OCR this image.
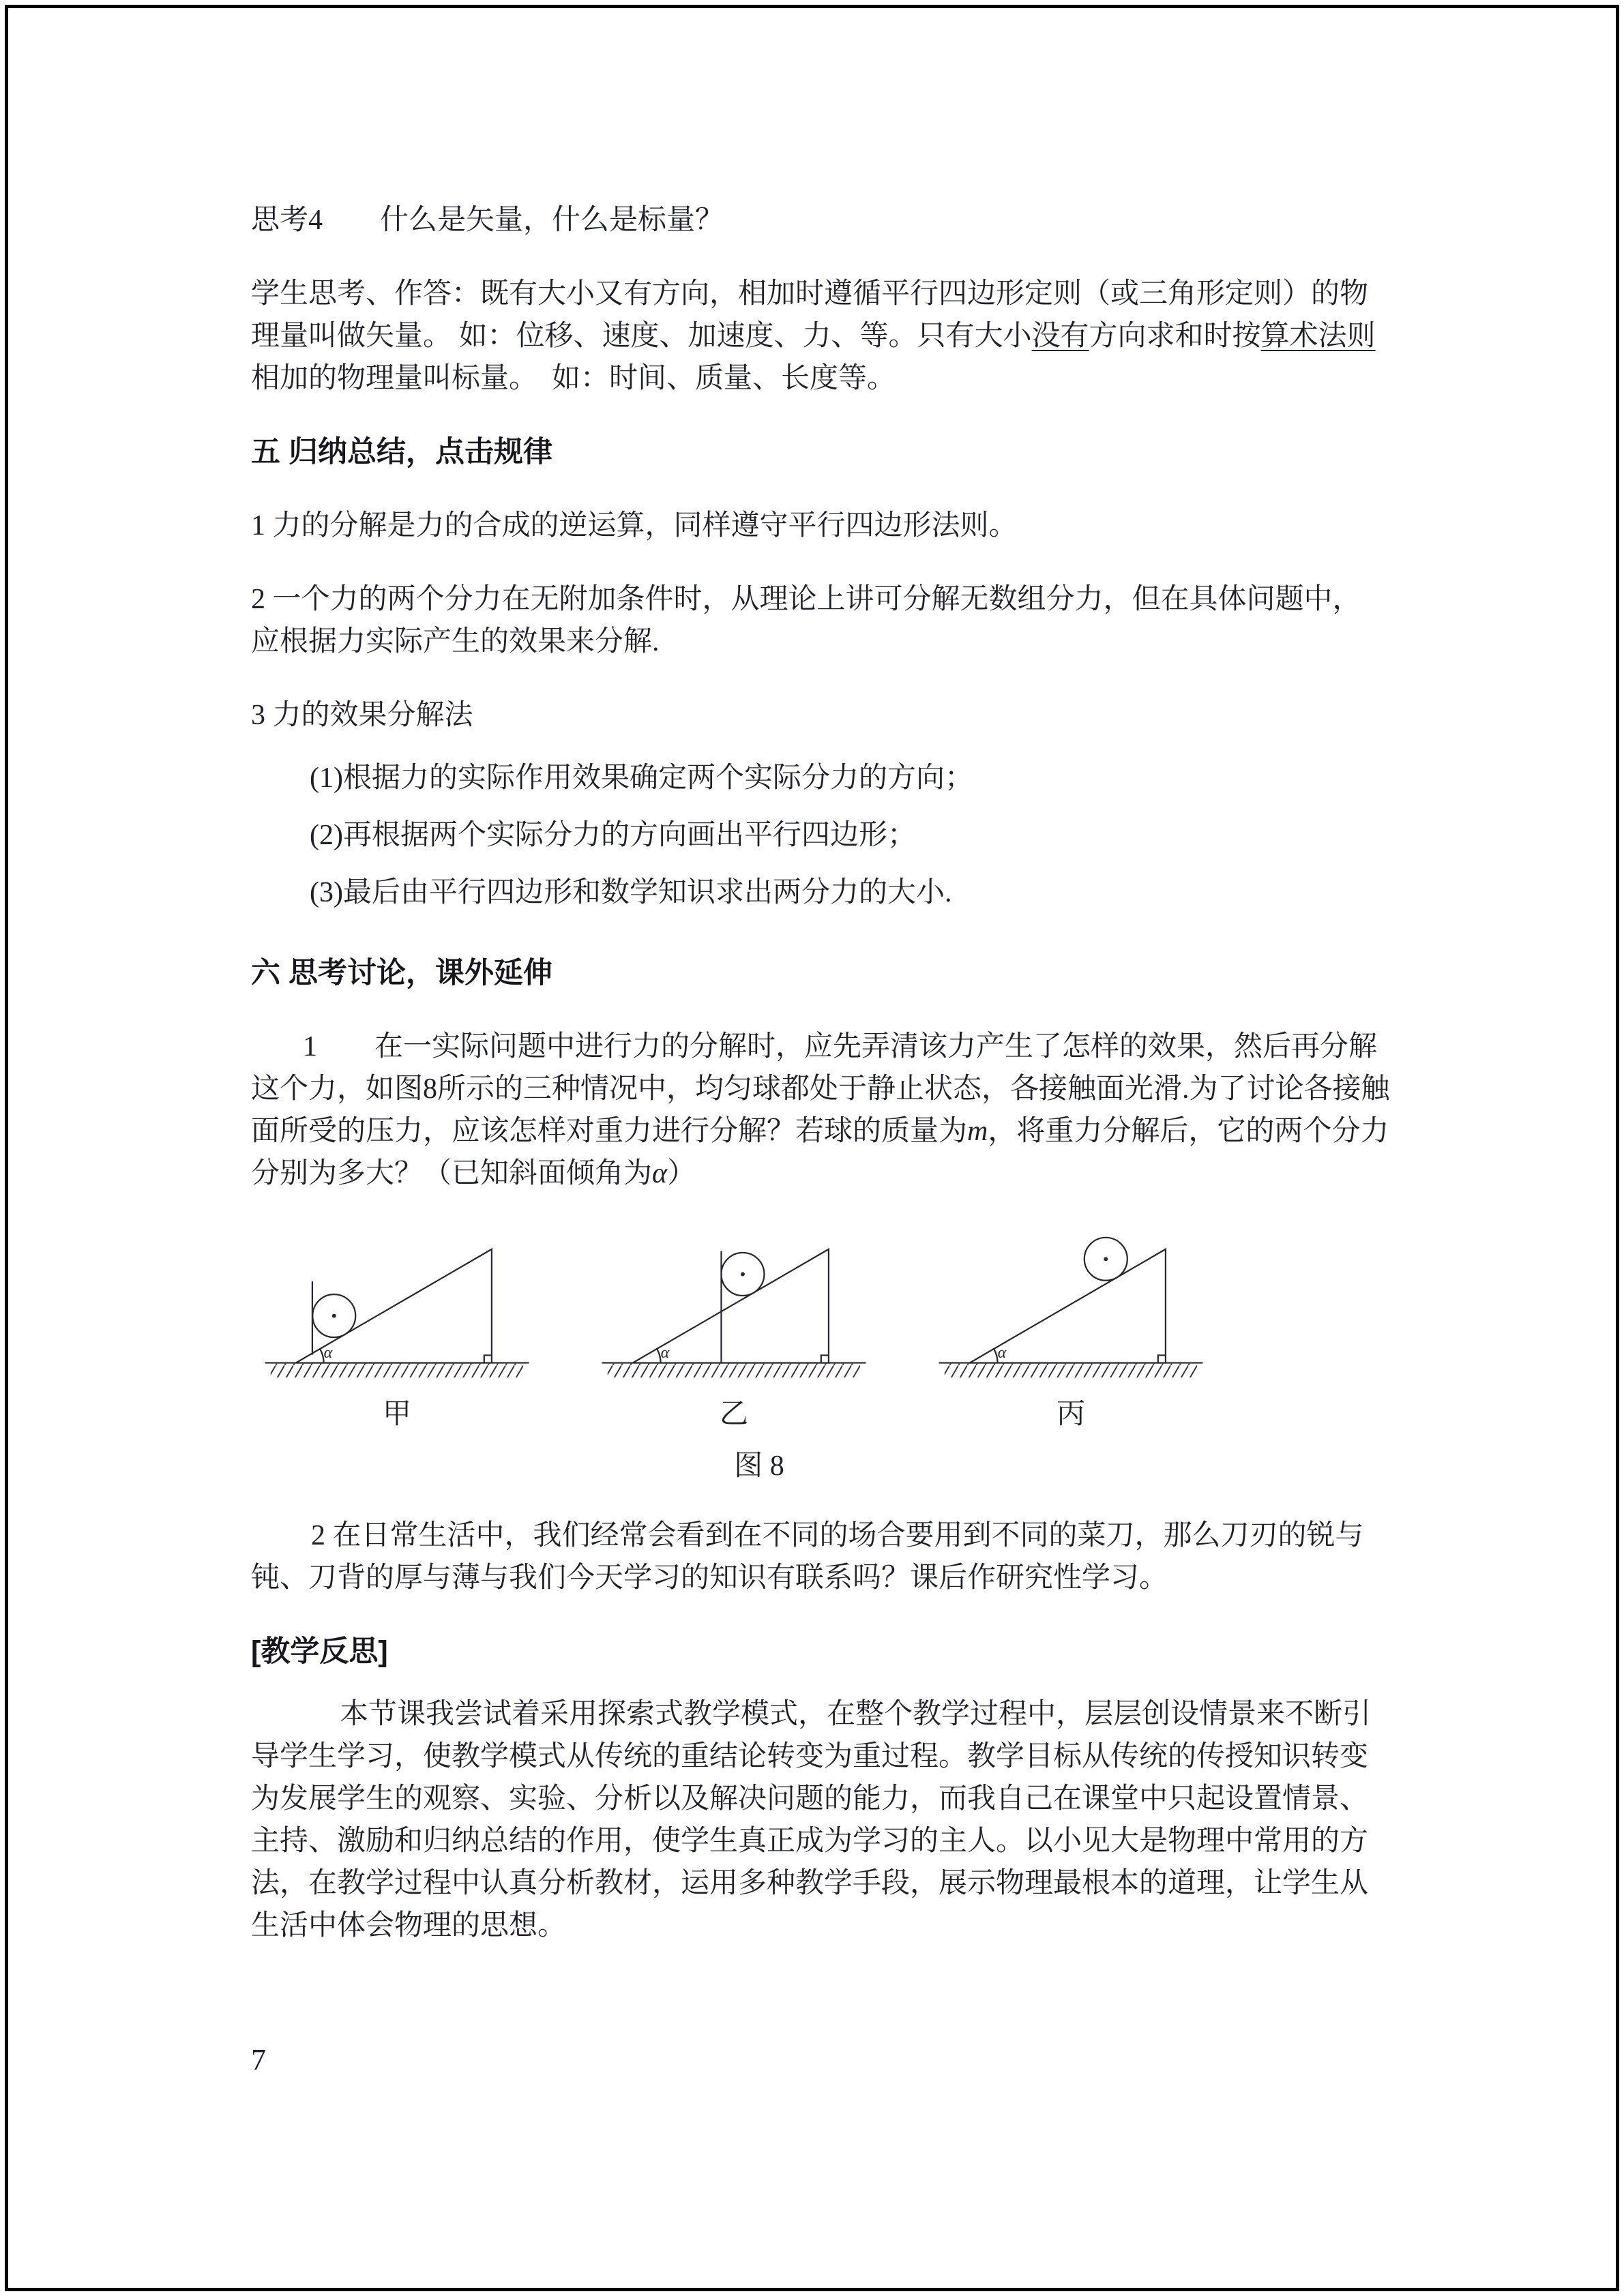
思考4　　什么是矢量，什么是标量？

学生思考、作答：既有大小又有方向，相加时遵循平行四边形定则（或三角形定则）的物理量叫做矢量。 如：位移、速度、加速度、力、等。只有大小没有方向求和时按算术法则相加的物理量叫标量。　如：时间、质量、长度等。

五 归纳总结，点击规律

1 力的分解是力的合成的逆运算，同样遵守平行四边形法则。

2 一个力的两个分力在无附加条件时，从理论上讲可分解无数组分力，但在具体问题中，
应根据力实际产生的效果来分解.

3 力的效果分解法

(1)根据力的实际作用效果确定两个实际分力的方向；

(2)再根据两个实际分力的方向画出平行四边形；

(3)最后由平行四边形和数学知识求出两分力的大小.

六 思考讨论，课外延伸

1 在一实际问题中进行力的分解时，应先弄清该力产生了怎样的效果，然后再分解这个力，如图8所示的三种情况中，均匀球都处于静止状态，各接触面光滑.为了讨论各接触面所受的压力，应该怎样对重力进行分解？若球的质量为m，将重力分解后，它的两个分力分别为多大？（已知斜面倾角为α）

α
甲
α
乙
α
丙

图 8

2 在日常生活中，我们经常会看到在不同的场合要用到不同的菜刀，那么刀刃的锐与钝、刀背的厚与薄与我们今天学习的知识有联系吗？课后作研究性学习。

[教学反思]

本节课我尝试着采用探索式教学模式，在整个教学过程中，层层创设情景来不断引导学生学习，使教学模式从传统的重结论转变为重过程。教学目标从传统的传授知识转变为发展学生的观察、实验、分析以及解决问题的能力，而我自己在课堂中只起设置情景、主持、激励和归纳总结的作用，使学生真正成为学习的主人。以小见大是物理中常用的方法，在教学过程中认真分析教材，运用多种教学手段，展示物理最根本的道理，让学生从生活中体会物理的思想。

7
